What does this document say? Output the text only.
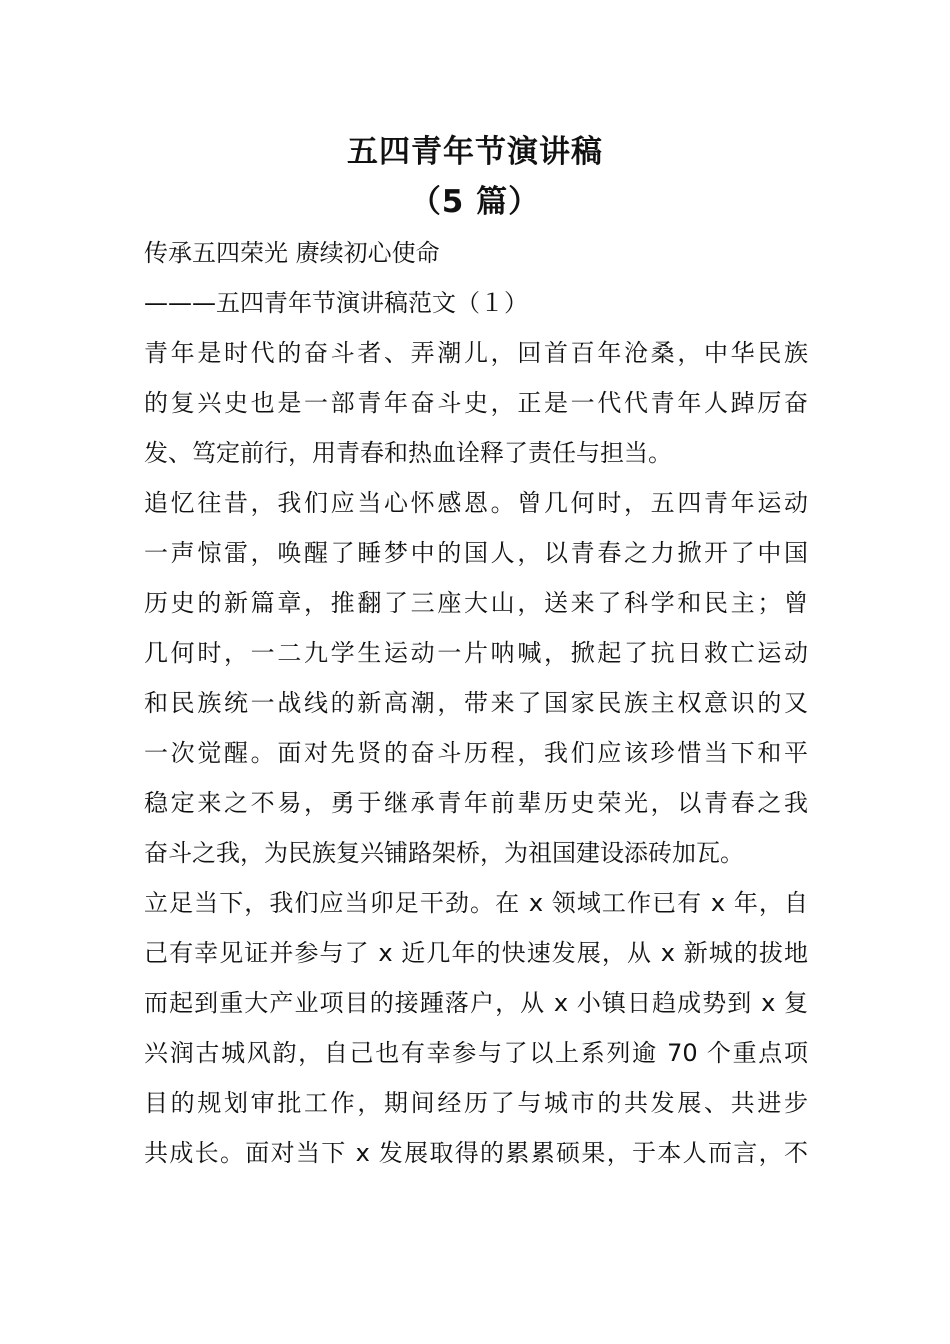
五四青年节演讲稿
（5 篇）

传承五四荣光 赓续初心使命

———五四青年节演讲稿范文（１）

青年是时代的奋斗者、弄潮儿，回首百年沧桑，中华民族

的复兴史也是一部青年奋斗史，正是一代代青年人踔厉奋

发、笃定前行，用青春和热血诠释了责任与担当。

追忆往昔，我们应当心怀感恩。曾几何时，五四青年运动

一声惊雷，唤醒了睡梦中的国人，以青春之力掀开了中国

历史的新篇章，推翻了三座大山，送来了科学和民主；曾

几何时，一二九学生运动一片呐喊，掀起了抗日救亡运动

和民族统一战线的新高潮，带来了国家民族主权意识的又

一次觉醒。面对先贤的奋斗历程，我们应该珍惜当下和平

稳定来之不易，勇于继承青年前辈历史荣光，以青春之我

奋斗之我，为民族复兴铺路架桥，为祖国建设添砖加瓦。

立足当下，我们应当卯足干劲。在 x 领域工作已有 x 年，自

己有幸见证并参与了 x 近几年的快速发展，从 x 新城的拔地

而起到重大产业项目的接踵落户，从 x 小镇日趋成势到 x 复

兴润古城风韵，自己也有幸参与了以上系列逾 70 个重点项

目的规划审批工作，期间经历了与城市的共发展、共进步

共成长。面对当下 x 发展取得的累累硕果，于本人而言，不
